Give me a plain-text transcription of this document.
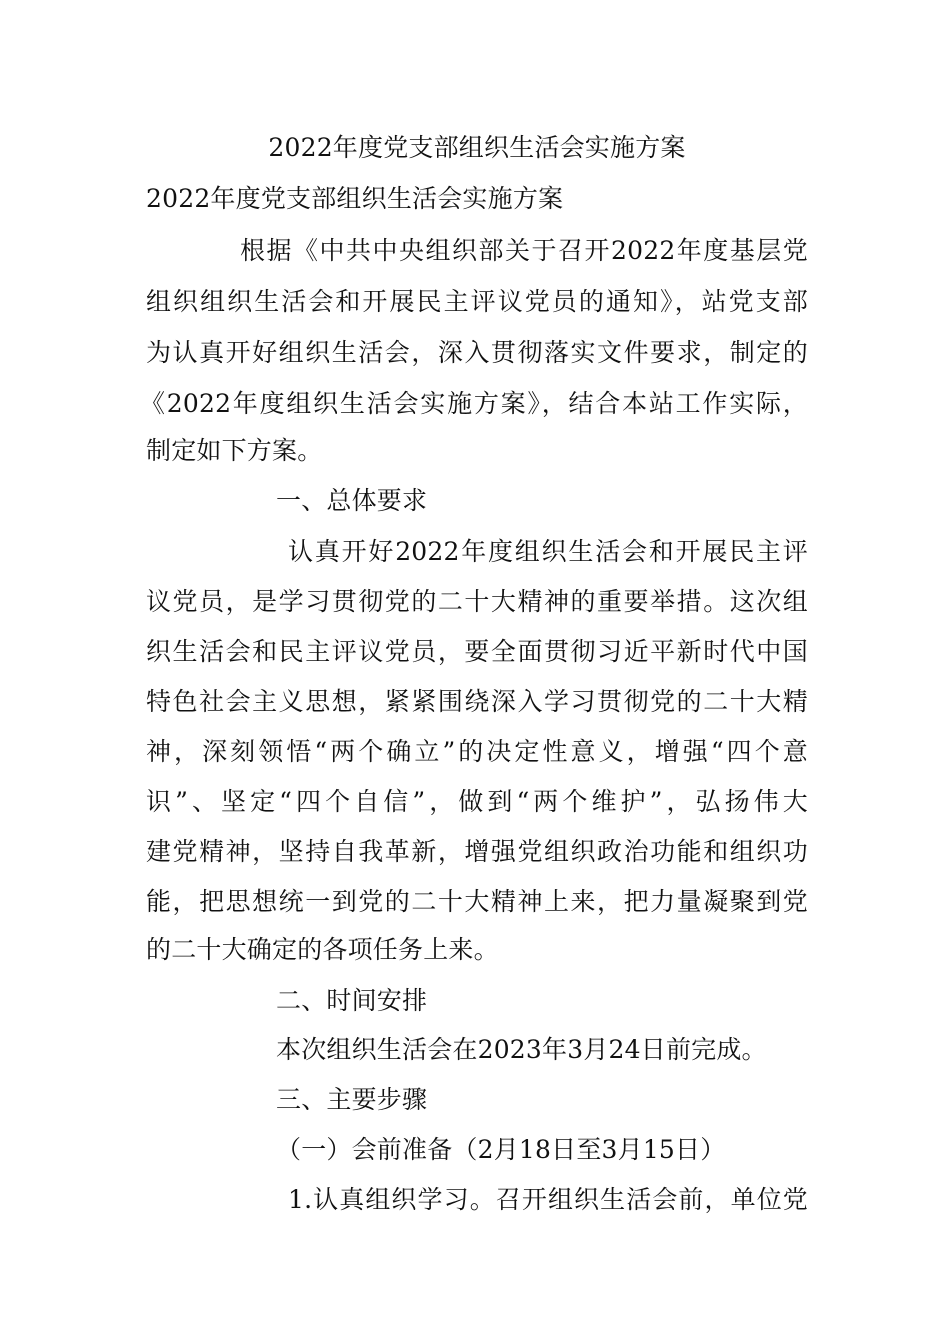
2022年度党支部组织生活会实施方案
2022年度党支部组织生活会实施方案
根据《中共中央组织部关于召开2022年度基层党
组织组织生活会和开展民主评议党员的通知》，站党支部
为认真开好组织生活会，深入贯彻落实文件要求，制定的
《2022年度组织生活会实施方案》，结合本站工作实际，
制定如下方案。
一、总体要求
认真开好2022年度组织生活会和开展民主评
议党员，是学习贯彻党的二十大精神的重要举措。这次组
织生活会和民主评议党员，要全面贯彻习近平新时代中国
特色社会主义思想，紧紧围绕深入学习贯彻党的二十大精
神，深刻领悟“两个确立”的决定性意义，增强“四个意
识”、坚定“四个自信”，做到“两个维护”，弘扬伟大
建党精神，坚持自我革新，增强党组织政治功能和组织功
能，把思想统一到党的二十大精神上来，把力量凝聚到党
的二十大确定的各项任务上来。
二、时间安排
本次组织生活会在2023年3月24日前完成。
三、主要步骤
（一）会前准备（2月18日至3月15日）
1.认真组织学习。召开组织生活会前，单位党
